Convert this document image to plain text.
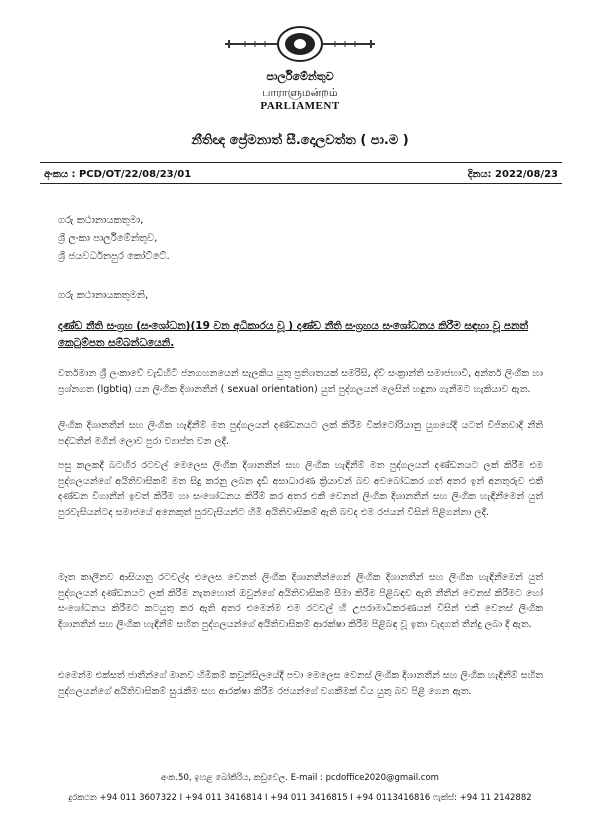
පාර්ලිමේන්තුව
பாராளுமன்றம்
PARLIAMENT
නීතිඥ ප්‍රේමනාත් සී.දොලවත්ත ( පා.ම )
අංකය : PCD/OT/22/08/23/01	දිනය: 2022/08/23
ගරු කථානායකතුමා,
ශ්‍රී ලංකා පාර්ලිමේන්තුව,
ශ්‍රී ජයවර්ධනපුර කෝට්ටේ.
ගරු කථානායකතුමනි,
දණ්ඩ නීති සංග්‍රහ (සංශෝධන)(19 වන අධිකාරය වූ ) දණ්ඩ නීති සංග්‍රහය සංශෝධනය කිරීම සඳහා වූ පනත් කෙටුම්පත සම්බන්ධයෙනි.

වර්තමාන ශ්‍රී ලංකාවේ වැඩිහිටි ජනගහනයෙන් සැලකිය යුතු ප්‍රතිශතයක් සමරිසි, ද්වි සංක්‍රාන්ති සමාජභාවී, අන්තර් ලිංගික හා ප්‍රශ්නගත (lgbtiq) යන ලිංගික දිශානතීන් ( sexual orientation) යුත් පුද්ගලයන් ලෙසින් හඳුනා ගැනීමට හැකියාව ඇත.

ලිංගික දිශානතීන් සහ ලිංගික හැඳිනීම් මත පුද්ගලයන් දණ්ඩනයට ලක් කිරීම වික්ටෝරියානු යුගයේදී යටත් විජිතවාදී නීති පද්ධතීන් මගින් ලොව පුරා ව්‍යාප්ත වන ලදී.

පසු කලකදී බටහිර රටවල් මෙලෙස ලිංගික දිශානතීන් සහ ලිංගික හැඳිනීම් මත පුද්ගලයන් දණ්ඩනයට ලක් කිරීම එම පුද්ගලයන්ගේ අයිතිවාසිකම් මත සිදු කරනු ලබන දැඩි අසාධාරණ ක්‍රියාවන් බව අවබෝධකර ගත් අතර ඉන් අනතුරුව එකී දණ්ඩන විගානීන් ඉවත් කිරීම හා සංශෝධනය කිරීම් කර අතර එකී වෙනත් ලිංගික දිශානතීන් සහ ලිංගික හැඳිනීමෙන් යුත් පුරවැසියන්ටද සමාජයේ අනෙකුත් පුරවැසියන්ට හිමි අයිතිවාසිකම් ඇති බවද එම රජයන් විසින් පිළිගන්නා ලදී.

මෑත කාලීනව ආසියානු රටවල්ද එලෙස වෙනත් ලිංගික දිශානතීන්ගෙන් ලිංගික දිශානතීන් සහ ලිංගික හැඳිනීමෙන් යුත් පුද්ගලයන් දණ්ඩනයට ලක් කිරීම නැතහොත් ඔවුන්ගේ අයිතිවාසිකම් සීමා කිරීම පිළිබඳව ඇති නීතීන් වෙනස් කිරීමට හෝ සංශෝධනය කිරීමට කටයුතු කර ඇති අතර එමෙන්ම එම රටවල් හි උපරාමාධිකරණයන් විසින් එකී වෙනස් ලිංගික දිශානතීන් සහ ලිංගික හැඳිනීම් සහිත පුද්ගලයන්ගේ අයිතිවාසිකම් ආරක්ෂා කිරීම පිළිබඳ වූ ඉතා වැදගත් තීන්දු ලබා දී ඇත.

එමෙන්ම එක්සත් ජාතීන්ගේ මානව හිමිකම් කවුන්සිලයේදී පවා මෙලෙස වෙනස් ලිංගික දිශානතීන් සහ ලිංගික හැඳිනීම් සහිත පුද්ගලයන්ගේ අයිතිවාසිකම් සුරැකීම සහ ආරක්ෂා කිරීම රජයන්ගේ වගකීමක් විය යුතු බව පිළි ගෙන ඇත.

අංක.50, ඉහළ බෝකිරිය, කඩුවෙල. E-mail : pcdoffice2020@gmail.com
දුරකථන +94 011 3607322 I +94 011 3416814 I +94 011 3416815 I +94 0113416816 ෆැක්ස්: +94 11 2142882
